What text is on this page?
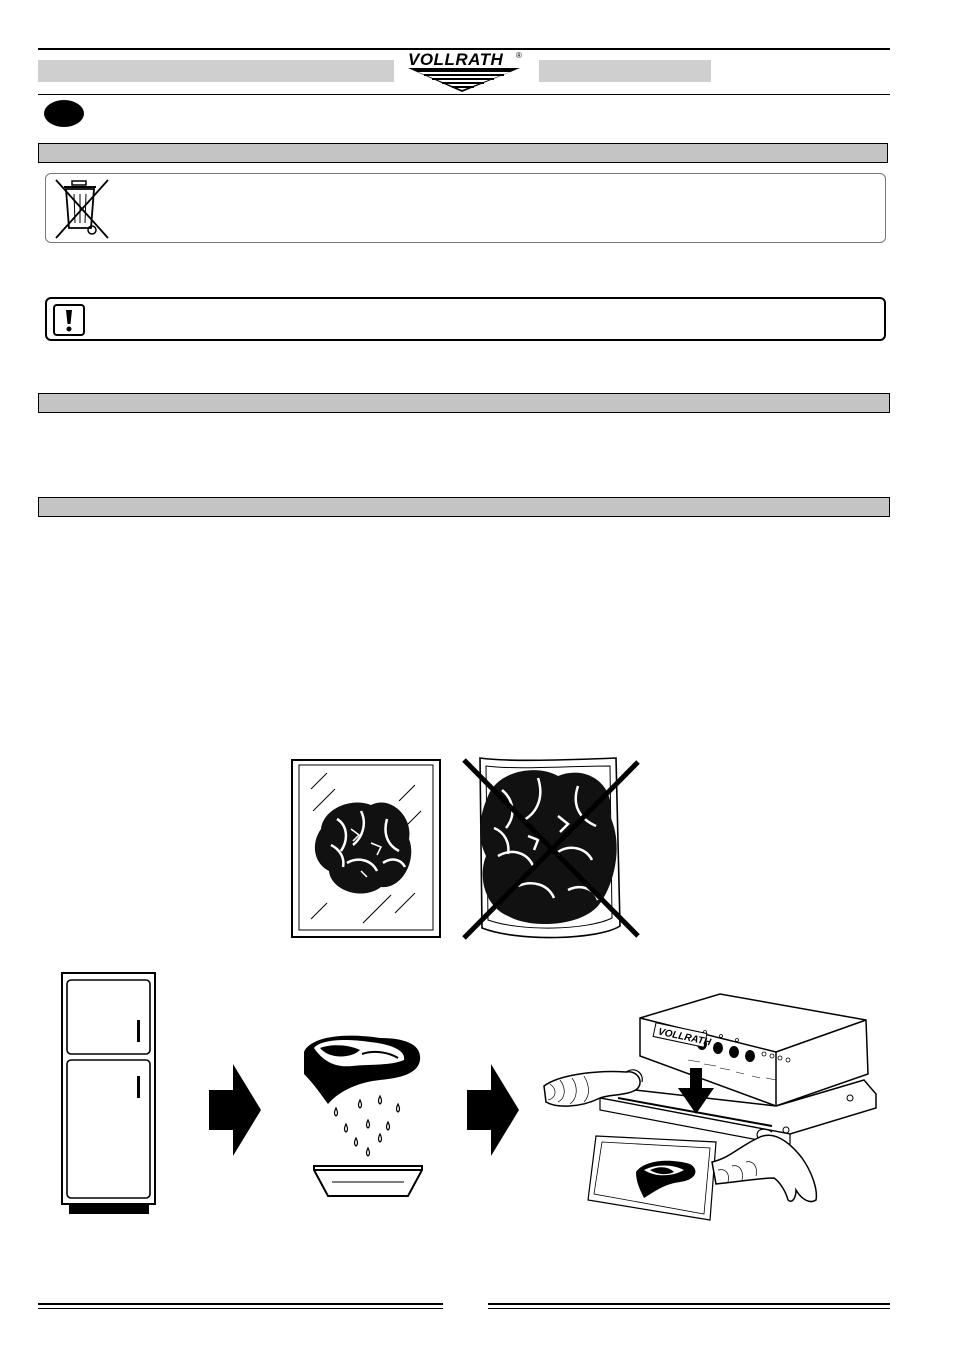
VOLLRATH ®
VOLLRATH
